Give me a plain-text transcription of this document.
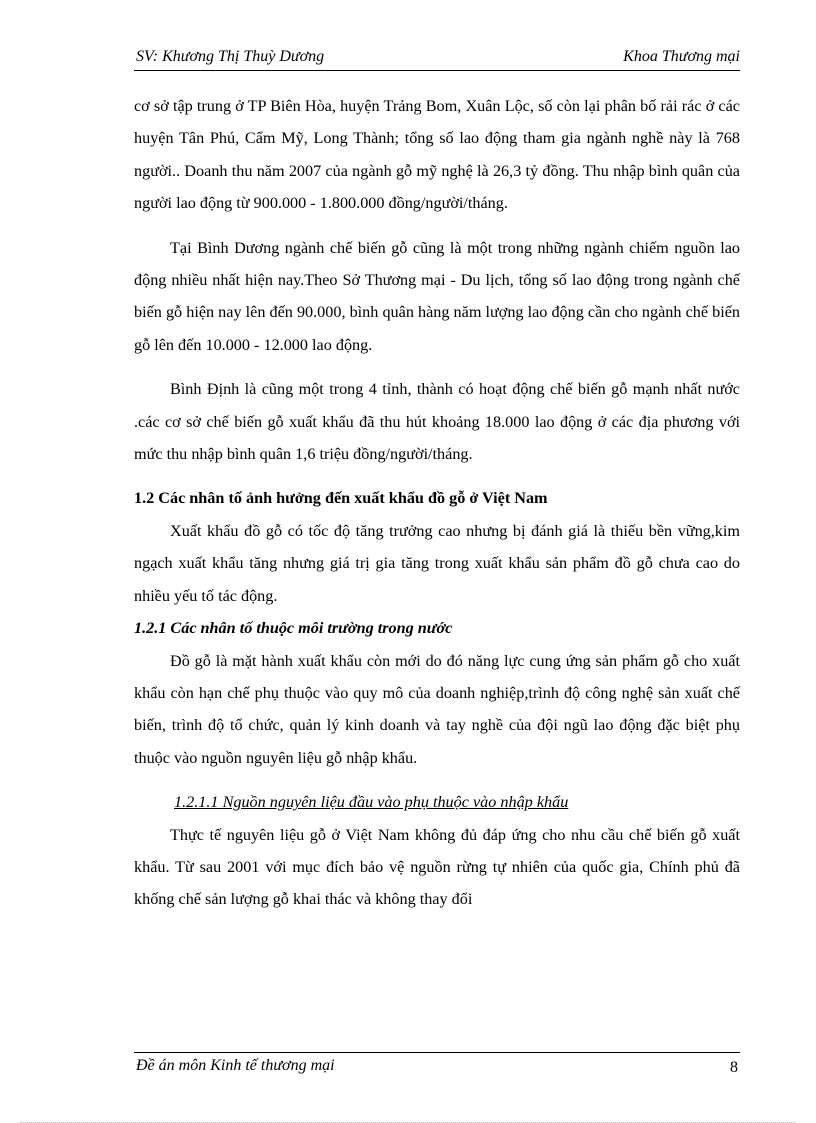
SV: Khương Thị Thuỳ Dương	Khoa Thương mại

cơ sở tập trung ở TP Biên Hòa, huyện Trảng Bom, Xuân Lộc, số còn lại phân bố rải rác ở các huyện Tân Phú, Cẩm Mỹ, Long Thành; tổng số lao động tham gia ngành nghề này là 768 người.. Doanh thu năm 2007 của ngành gỗ mỹ nghệ là 26,3 tỷ đồng. Thu nhập bình quân của người lao động từ 900.000 - 1.800.000 đồng/người/tháng.

Tại Bình Dương ngành chế biến gỗ cũng là một trong những ngành chiếm nguồn lao động nhiều nhất hiện nay.Theo Sở Thương mại - Du lịch, tổng số lao động trong ngành chế biến gỗ hiện nay lên đến 90.000, bình quân hàng năm lượng lao động cần cho ngành chế biến gỗ lên đến 10.000 - 12.000 lao động.

Bình Định là cũng một trong 4 tỉnh, thành có hoạt động chế biến gỗ mạnh nhất nước .các cơ sở chế biến gỗ xuất khẩu đã thu hút khoảng 18.000 lao động ở các địa phương với mức thu nhập bình quân 1,6 triệu đồng/người/tháng.

1.2 Các nhân tố ảnh hưởng đến xuất khẩu đồ gỗ ở Việt Nam

Xuất khẩu đồ gỗ có tốc độ tăng trưởng cao nhưng bị đánh giá là thiếu bền vững,kim ngạch xuất khẩu tăng nhưng giá trị gia tăng trong xuất khẩu sản phẩm đồ gỗ chưa cao do nhiều yếu tố tác động.

1.2.1 Các nhân tố thuộc môi trường trong nước

Đồ gỗ là mặt hành xuất khẩu còn mới do đó năng lực cung ứng sản phẩm gỗ cho xuất khẩu còn hạn chế phụ thuộc vào quy mô của doanh nghiệp,trình độ công nghệ sản xuất chế biến, trình độ tổ chức, quản lý kinh doanh và tay nghề của đội ngũ lao động đặc biệt phụ thuộc vào nguồn nguyên liệu gỗ nhập khẩu.

1.2.1.1 Nguồn nguyên liệu đầu vào phụ thuộc vào nhập khẩu

Thực tế nguyên liệu gỗ ở Việt Nam không đủ đáp ứng cho nhu cầu chế biến gỗ xuất khẩu. Từ sau 2001 với mục đích bảo vệ nguồn rừng tự nhiên của quốc gia, Chính phủ đã khống chế sản lượng gỗ khai thác và không thay đổi

Đề án môn Kinh tế thương mại	8
